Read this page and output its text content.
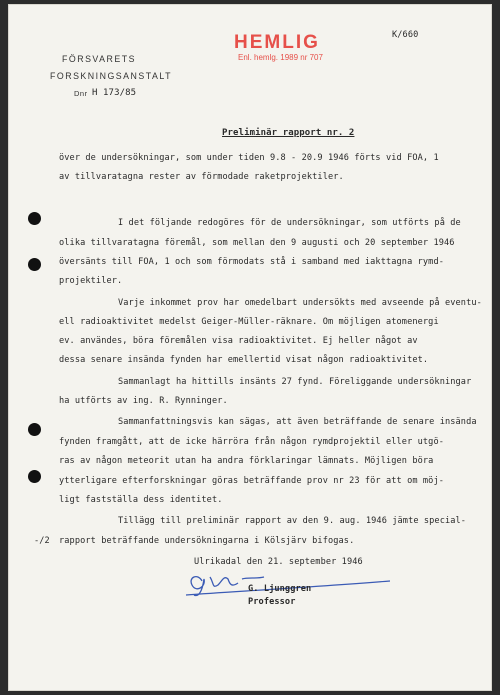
K/660
HEMLIG
Enl. hemlg. 1989 nr 707
FÖRSVARETS
FORSKNINGSANSTALT
Dnr H 173/85
Preliminär rapport nr. 2
över de undersökningar, som under tiden 9.8 - 20.9 1946 förts vid FOA, 1
av tillvaratagna rester av förmodade raketprojektiler.
I det följande redogöres för de undersökningar, som utförts på de
olika tillvaratagna föremål, som mellan den 9 augusti och 20 september 1946
översänts till FOA, 1 och som förmodats stå i samband med iakttagna rymd-
projektiler.
Varje inkommet prov har omedelbart undersökts med avseende på eventu-
ell radioaktivitet medelst Geiger-Müller-räknare. Om möjligen atomenergi
ev. användes, böra föremålen visa radioaktivitet. Ej heller något av
dessa senare insända fynden har emellertid visat någon radioaktivitet.
Sammanlagt ha hittills insänts 27 fynd. Föreliggande undersökningar
ha utförts av ing. R. Rynninger.
Sammanfattningsvis kan sägas, att även beträffande de senare insända
fynden framgått, att de icke härröra från någon rymdprojektil eller utgö-
ras av någon meteorit utan ha andra förklaringar lämnats. Möjligen böra
ytterligare efterforskningar göras beträffande prov nr 23 för att om möj-
ligt fastställa dess identitet.
Tillägg till preliminär rapport av den 9. aug. 1946 jämte special-
rapport beträffande undersökningarna i Kölsjärv bifogas.
-/2
Ulrikadal den 21. september 1946
G. Ljunggren
Professor
